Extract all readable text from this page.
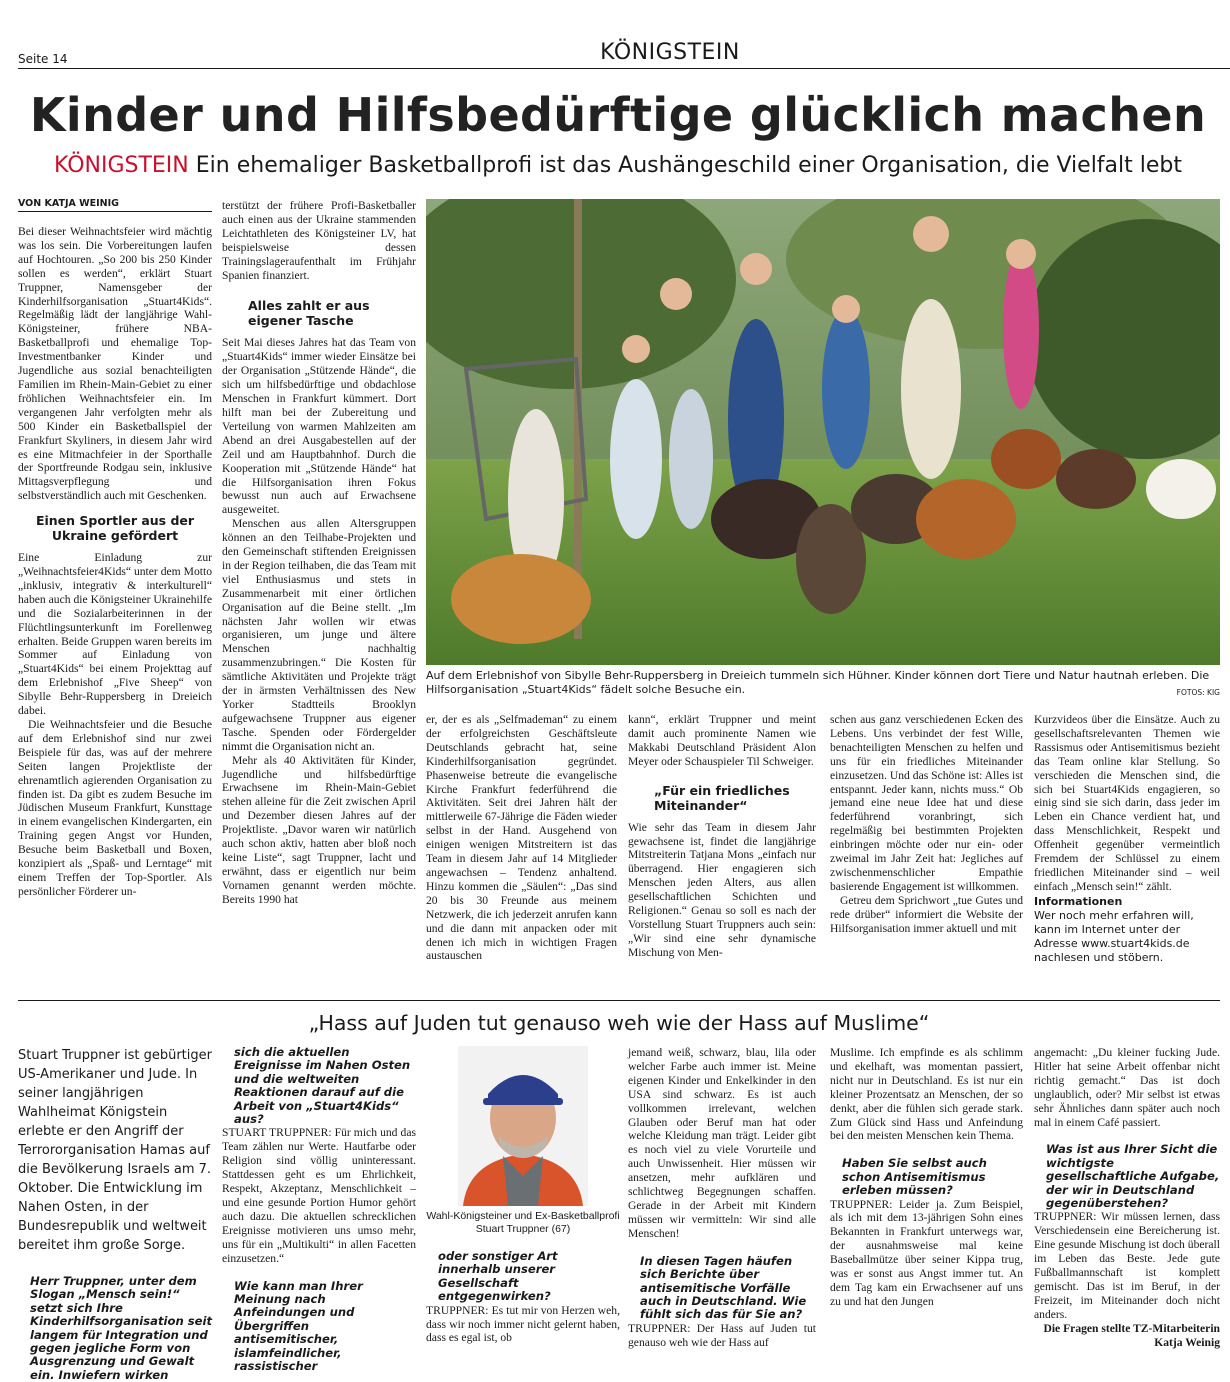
Seite 14	KÖNIGSTEIN
Kinder und Hilfsbedürftige glücklich machen
KÖNIGSTEIN Ein ehemaliger Basketballprofi ist das Aushängeschild einer Organisation, die Vielfalt lebt
VON KATJA WEINIG

Bei dieser Weihnachtsfeier wird mächtig was los sein. Die Vorbereitungen laufen auf Hochtouren. „So 200 bis 250 Kinder sollen es werden“, erklärt Stuart Truppner, Namensgeber der Kinderhilfsorganisation „Stuart4Kids“. Regelmäßig lädt der langjährige Wahl-Königsteiner, frühere NBA-Basketballprofi und ehemalige Top-Investmentbanker Kinder und Jugendliche aus sozial benachteiligten Familien im Rhein-Main-Gebiet zu einer fröhlichen Weihnachtsfeier ein. Im vergangenen Jahr verfolgten mehr als 500 Kinder ein Basketballspiel der Frankfurt Skyliners, in diesem Jahr wird es eine Mitmachfeier in der Sporthalle der Sportfreunde Rodgau sein, inklusive Mittagsverpflegung und selbstverständlich auch mit Geschenken.

Einen Sportler aus der Ukraine gefördert

Eine Einladung zur „Weihnachtsfeier4Kids“ unter dem Motto „inklusiv, integrativ & interkulturell“ haben auch die Königsteiner Ukrainehilfe und die Sozialarbeiterinnen in der Flüchtlingsunterkunft im Forellenweg erhalten. Beide Gruppen waren bereits im Sommer auf Einladung von „Stuart4Kids“ bei einem Projekttag auf dem Erlebnishof „Five Sheep“ von Sibylle Behr-Ruppersberg in Dreieich dabei.

Die Weihnachtsfeier und die Besuche auf dem Erlebnishof sind nur zwei Beispiele für das, was auf der mehrere Seiten langen Projektliste der ehrenamtlich agierenden Organisation zu finden ist. Da gibt es zudem Besuche im Jüdischen Museum Frankfurt, Kunsttage in einem evangelischen Kindergarten, ein Training gegen Angst vor Hunden, Besuche beim Basketball und Boxen, konzipiert als „Spaß- und Lerntage“ mit einem Treffen der Top-Sportler. Als persönlicher Förderer un-

terstützt der frühere Profi-Basketballer auch einen aus der Ukraine stammenden Leichtathleten des Königsteiner LV, hat beispielsweise dessen Trainingslageraufenthalt im Frühjahr Spanien finanziert.

Alles zahlt er aus eigener Tasche

Seit Mai dieses Jahres hat das Team von „Stuart4Kids“ immer wieder Einsätze bei der Organisation „Stützende Hände“, die sich um hilfsbedürftige und obdachlose Menschen in Frankfurt kümmert. Dort hilft man bei der Zubereitung und Verteilung von warmen Mahlzeiten am Abend an drei Ausgabestellen auf der Zeil und am Hauptbahnhof. Durch die Kooperation mit „Stützende Hände“ hat die Hilfsorganisation ihren Fokus bewusst nun auch auf Erwachsene ausgeweitet.

Menschen aus allen Altersgruppen können an den Teilhabe-Projekten und den Gemeinschaft stiftenden Ereignissen in der Region teilhaben, die das Team mit viel Enthusiasmus und stets in Zusammenarbeit mit einer örtlichen Organisation auf die Beine stellt. „Im nächsten Jahr wollen wir etwas organisieren, um junge und ältere Menschen nachhaltig zusammenzubringen.“ Die Kosten für sämtliche Aktivitäten und Projekte trägt der in ärmsten Verhältnissen des New Yorker Stadtteils Brooklyn aufgewachsene Truppner aus eigener Tasche. Spenden oder Fördergelder nimmt die Organisation nicht an.

Mehr als 40 Aktivitäten für Kinder, Jugendliche und hilfsbedürftige Erwachsene im Rhein-Main-Gebiet stehen alleine für die Zeit zwischen April und Dezember diesen Jahres auf der Projektliste. „Davor waren wir natürlich auch schon aktiv, hatten aber bloß noch keine Liste“, sagt Truppner, lacht und erwähnt, dass er eigentlich nur beim Vornamen genannt werden möchte. Bereits 1990 hat

Auf dem Erlebnishof von Sibylle Behr-Ruppersberg in Dreieich tummeln sich Hühner. Kinder können dort Tiere und Natur hautnah erleben. Die Hilfsorganisation „Stuart4Kids“ fädelt solche Besuche ein.	FOTOS: KIG

er, der es als „Selfmademan“ zu einem der erfolgreichsten Geschäftsleute Deutschlands gebracht hat, seine Kinderhilfsorganisation gegründet. Phasenweise betreute die evangelische Kirche Frankfurt federführend die Aktivitäten. Seit drei Jahren hält der mittlerweile 67-Jährige die Fäden wieder selbst in der Hand. Ausgehend von einigen wenigen Mitstreitern ist das Team in diesem Jahr auf 14 Mitglieder angewachsen – Tendenz anhaltend. Hinzu kommen die „Säulen“: „Das sind 20 bis 30 Freunde aus meinem Netzwerk, die ich jederzeit anrufen kann und die dann mit anpacken oder mit denen ich mich in wichtigen Fragen austauschen

kann“, erklärt Truppner und meint damit auch prominente Namen wie Makkabi Deutschland Präsident Alon Meyer oder Schauspieler Til Schweiger.

„Für ein friedliches Miteinander“

Wie sehr das Team in diesem Jahr gewachsene ist, findet die langjährige Mitstreiterin Tatjana Mons „einfach nur überragend. Hier engagieren sich Menschen jeden Alters, aus allen gesellschaftlichen Schichten und Religionen.“ Genau so soll es nach der Vorstellung Stuart Truppners auch sein: „Wir sind eine sehr dynamische Mischung von Men-

schen aus ganz verschiedenen Ecken des Lebens. Uns verbindet der fest Wille, benachteiligten Menschen zu helfen und uns für ein friedliches Miteinander einzusetzen. Und das Schöne ist: Alles ist entspannt. Jeder kann, nichts muss.“ Ob jemand eine neue Idee hat und diese federführend voranbringt, sich regelmäßig bei bestimmten Projekten einbringen möchte oder nur ein- oder zweimal im Jahr Zeit hat: Jegliches auf zwischenmenschlicher Empathie basierende Engagement ist willkommen.

Getreu dem Sprichwort „tue Gutes und rede drüber“ informiert die Website der Hilfsorganisation immer aktuell und mit

Kurzvideos über die Einsätze. Auch zu gesellschaftsrelevanten Themen wie Rassismus oder Antisemitismus bezieht das Team online klar Stellung. So verschieden die Menschen sind, die sich bei Stuart4Kids engagieren, so einig sind sie sich darin, dass jeder im Leben ein Chance verdient hat, und dass Menschlichkeit, Respekt und Offenheit gegenüber vermeintlich Fremdem der Schlüssel zu einem friedlichen Miteinander sind – weil einfach „Mensch sein!“ zählt.

Informationen
Wer noch mehr erfahren will, kann im Internet unter der Adresse www.stuart4kids.de nachlesen und stöbern.
„Hass auf Juden tut genauso weh wie der Hass auf Muslime“
Stuart Truppner ist gebürtiger US-Amerikaner und Jude. In seiner langjährigen Wahlheimat Königstein erlebte er den Angriff der Terrororganisation Hamas auf die Bevölkerung Israels am 7. Oktober. Die Entwicklung im Nahen Osten, in der Bundesrepublik und weltweit bereitet ihm große Sorge.
Herr Truppner, unter dem Slogan „Mensch sein!“ setzt sich Ihre Kinderhilfsorganisation seit langem für Integration und gegen jegliche Form von Ausgrenzung und Gewalt ein. Inwiefern wirken
sich die aktuellen Ereignisse im Nahen Osten und die weltweiten Reaktionen darauf auf die Arbeit von „Stuart4Kids“ aus?
STUART TRUPPNER: Für mich und das Team zählen nur Werte. Hautfarbe oder Religion sind völlig uninteressant. Stattdessen geht es um Ehrlichkeit, Respekt, Akzeptanz, Menschlichkeit – und eine gesunde Portion Humor gehört auch dazu. Die aktuellen schrecklichen Ereignisse motivieren uns umso mehr, uns für ein „Multikulti“ in allen Facetten einzusetzen.“
Wie kann man Ihrer Meinung nach Anfeindungen und Übergriffen antisemitischer, islamfeindlicher, rassistischer
Wahl-Königsteiner und Ex-Basketballprofi Stuart Truppner (67)
oder sonstiger Art innerhalb unserer Gesellschaft entgegenwirken?
TRUPPNER: Es tut mir von Herzen weh, dass wir noch immer nicht gelernt haben, dass es egal ist, ob
jemand weiß, schwarz, blau, lila oder welcher Farbe auch immer ist. Meine eigenen Kinder und Enkelkinder in den USA sind schwarz. Es ist auch vollkommen irrelevant, welchen Glauben oder Beruf man hat oder welche Kleidung man trägt. Leider gibt es noch viel zu viele Vorurteile und auch Unwissenheit. Hier müssen wir ansetzen, mehr aufklären und schlichtweg Begegnungen schaffen. Gerade in der Arbeit mit Kindern müssen wir vermitteln: Wir sind alle Menschen!
In diesen Tagen häufen sich Berichte über antisemitische Vorfälle auch in Deutschland. Wie fühlt sich das für Sie an?
TRUPPNER: Der Hass auf Juden tut genauso weh wie der Hass auf
Muslime. Ich empfinde es als schlimm und ekelhaft, was momentan passiert, nicht nur in Deutschland. Es ist nur ein kleiner Prozentsatz an Menschen, der so denkt, aber die fühlen sich gerade stark. Zum Glück sind Hass und Anfeindung bei den meisten Menschen kein Thema.
Haben Sie selbst auch schon Antisemitismus erleben müssen?
TRUPPNER: Leider ja. Zum Beispiel, als ich mit dem 13-jährigen Sohn eines Bekannten in Frankfurt unterwegs war, der ausnahmsweise mal keine Baseballmütze über seiner Kippa trug, was er sonst aus Angst immer tut. An dem Tag kam ein Erwachsener auf uns zu und hat den Jungen
angemacht: „Du kleiner fucking Jude. Hitler hat seine Arbeit offenbar nicht richtig gemacht.“ Das ist doch unglaublich, oder? Mir selbst ist etwas sehr Ähnliches dann später auch noch mal in einem Café passiert.
Was ist aus Ihrer Sicht die wichtigste gesellschaftliche Aufgabe, der wir in Deutschland gegenüberstehen?
TRUPPNER: Wir müssen lernen, dass Verschiedensein eine Bereicherung ist. Eine gesunde Mischung ist doch überall im Leben das Beste. Jede gute Fußballmannschaft ist komplett gemischt. Das ist im Beruf, in der Freizeit, im Miteinander doch nicht anders.
Die Fragen stellte TZ-Mitarbeiterin Katja Weinig
